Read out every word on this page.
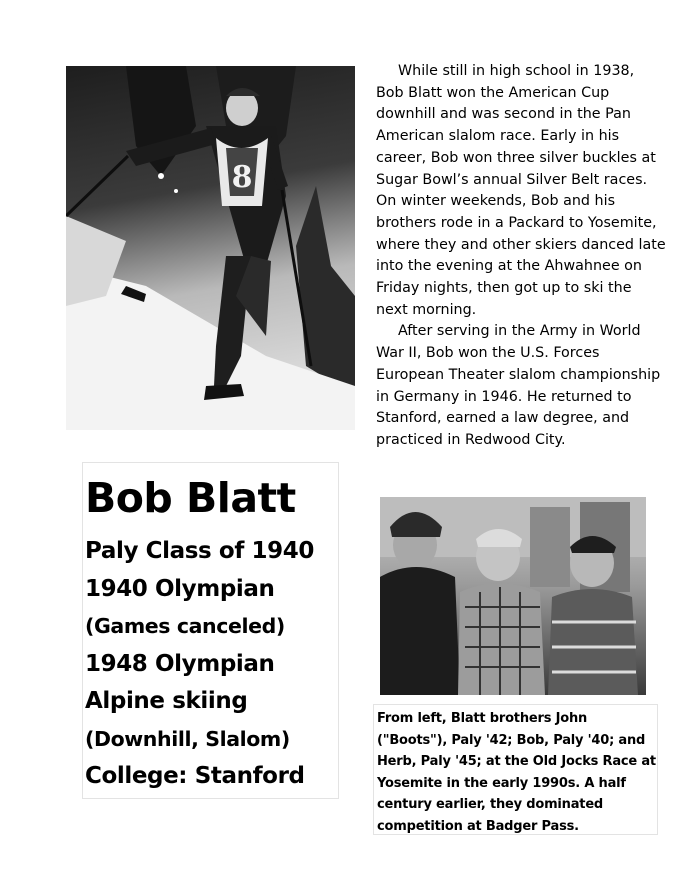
8

While still in high school in 1938, Bob Blatt won the American Cup downhill and was second in the Pan American slalom race. Early in his career, Bob won three silver buckles at Sugar Bowl’s annual Silver Belt races. On winter weekends, Bob and his brothers rode in a Packard to Yosemite, where they and other skiers danced late into the evening at the Ahwahnee on Friday nights, then got up to ski the next morning.

After serving in the Army in World War II, Bob won the U.S. Forces European Theater slalom championship in Germany in 1946. He returned to Stanford, earned a law degree, and practiced in Redwood City.

Bob Blatt
Paly Class of 1940
1940 Olympian
(Games canceled)
1948 Olympian
Alpine skiing
(Downhill, Slalom)
College: Stanford

From left, Blatt brothers John ("Boots"), Paly '42; Bob, Paly '40; and Herb, Paly '45; at the Old Jocks Race at Yosemite in the early 1990s. A half century earlier, they dominated competition at Badger Pass.
